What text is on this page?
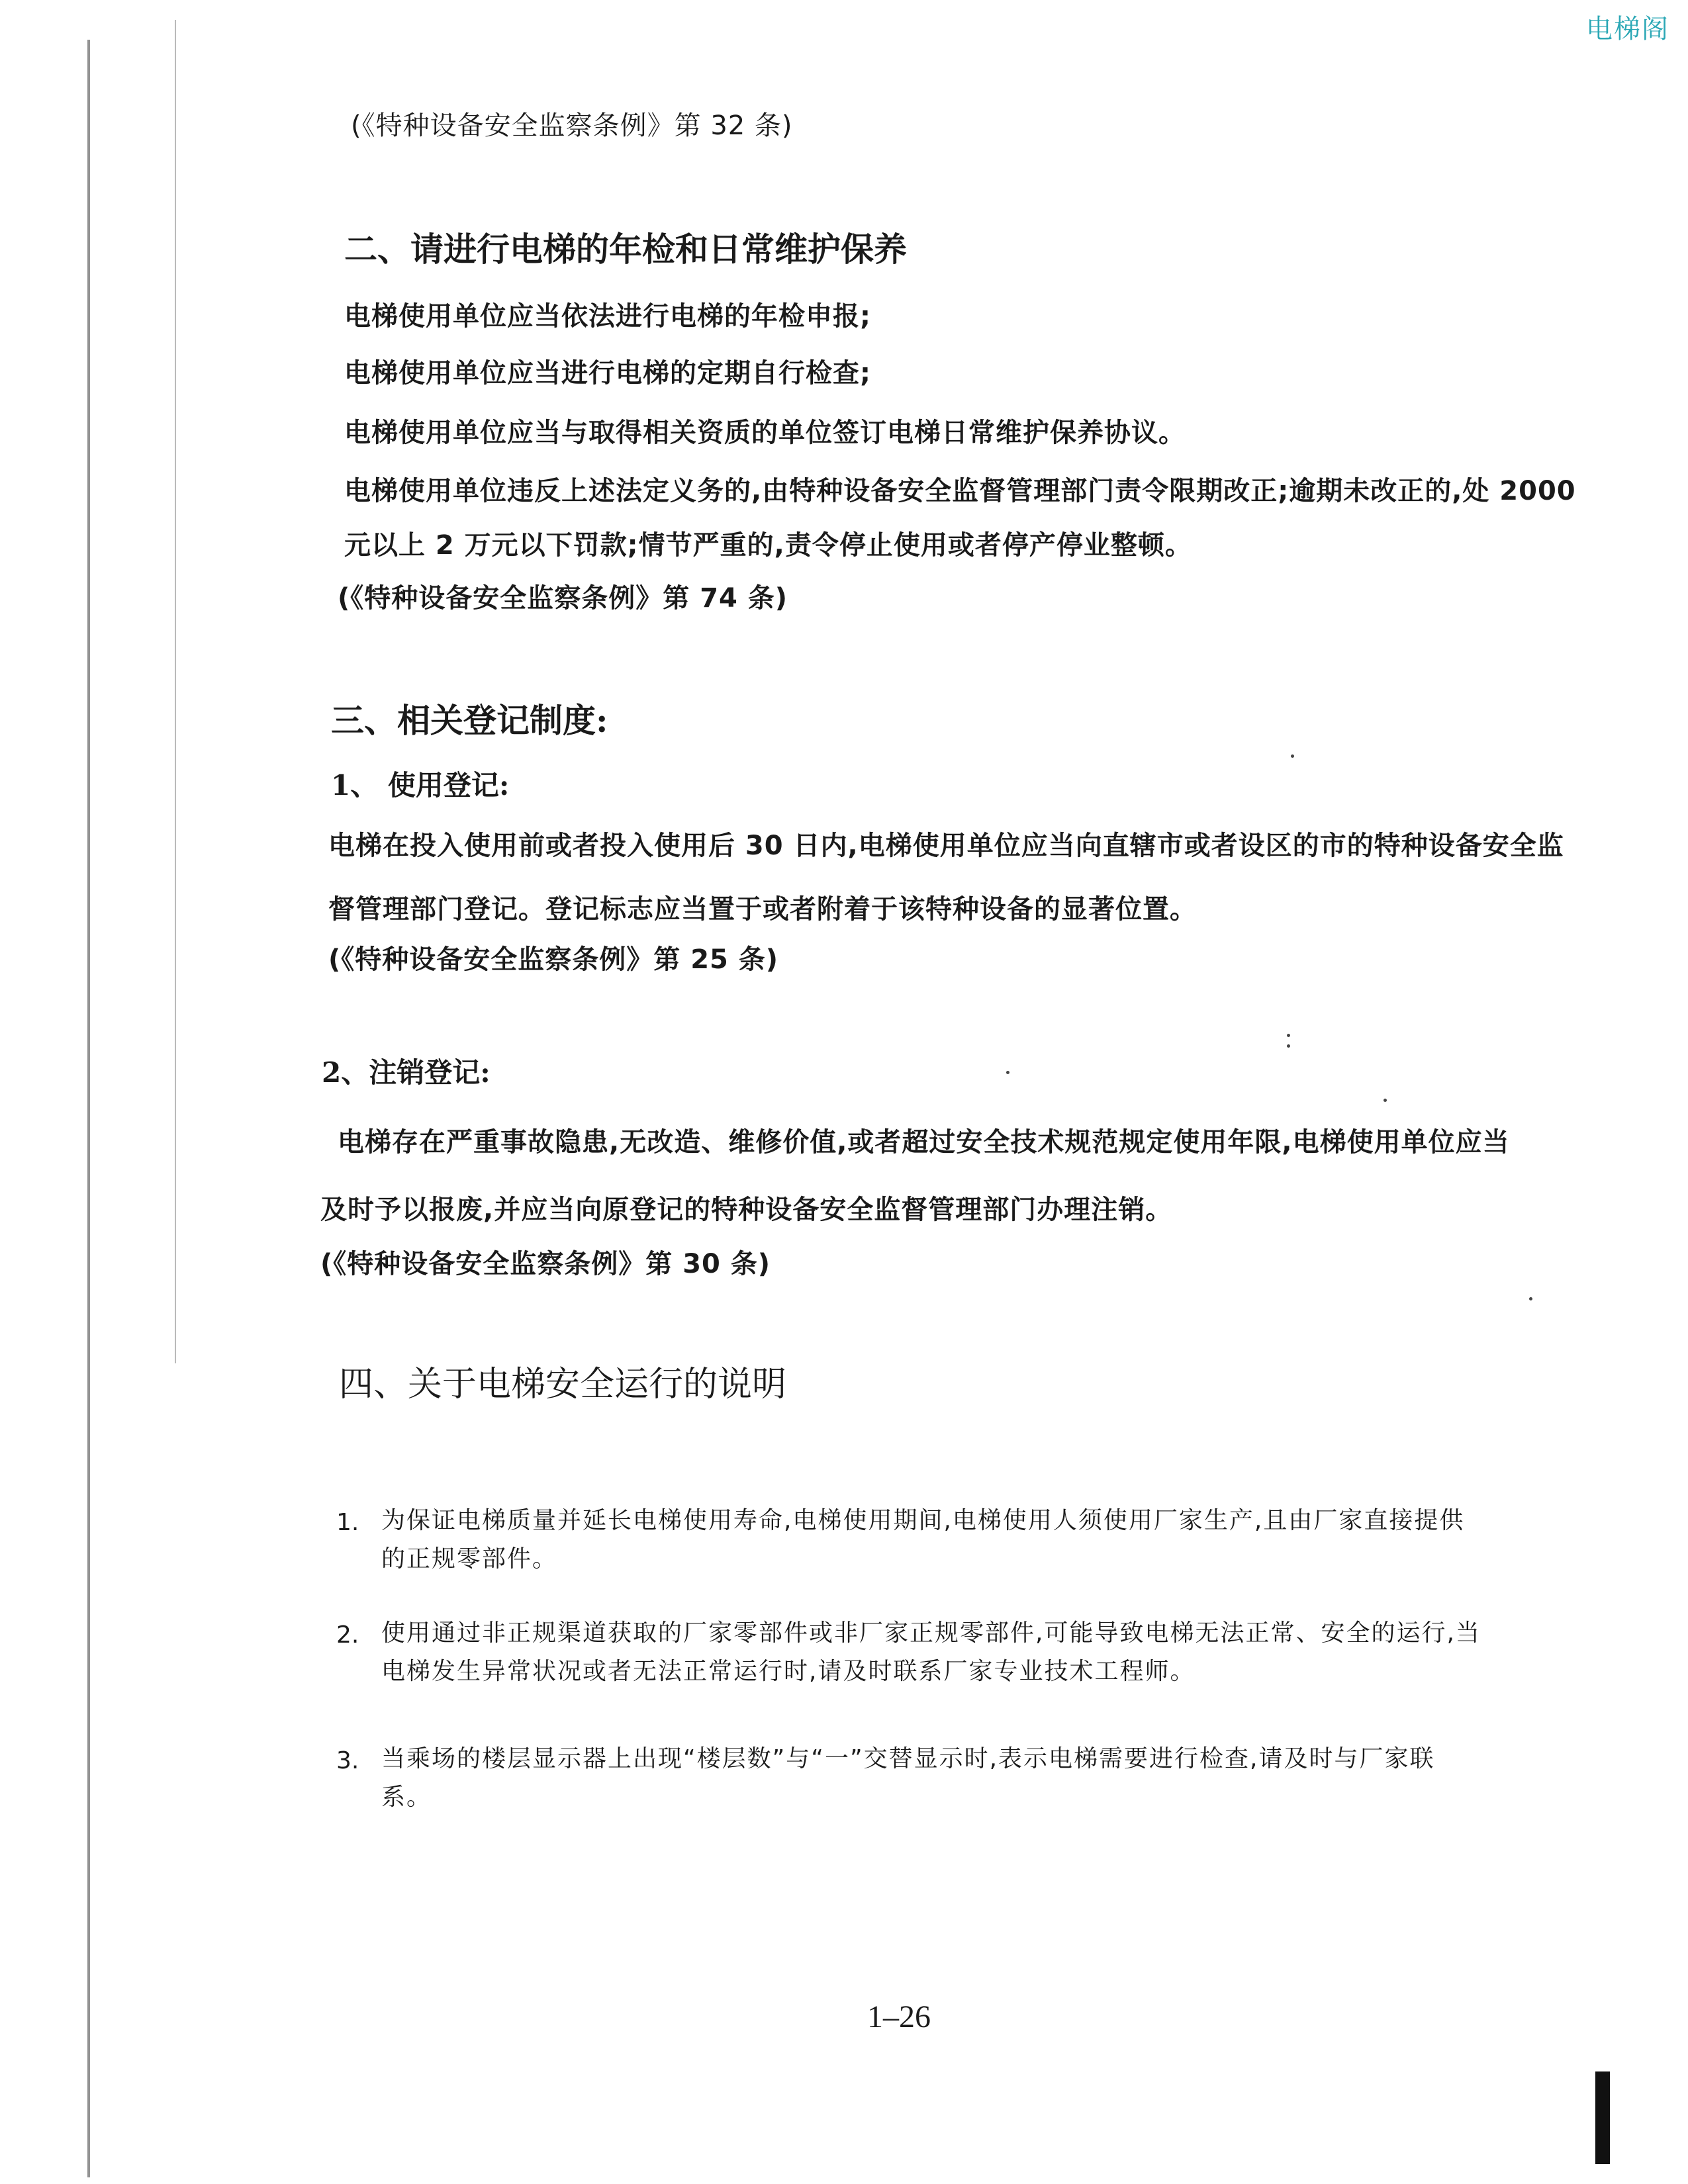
电梯阁
(《特种设备安全监察条例》第 32 条)
二、请进行电梯的年检和日常维护保养
电梯使用单位应当依法进行电梯的年检申报;
电梯使用单位应当进行电梯的定期自行检查;
电梯使用单位应当与取得相关资质的单位签订电梯日常维护保养协议。
电梯使用单位违反上述法定义务的,由特种设备安全监督管理部门责令限期改正;逾期未改正的,处 2000
元以上 2 万元以下罚款;情节严重的,责令停止使用或者停产停业整顿。
(《特种设备安全监察条例》第 74 条)
三、相关登记制度:
1、 使用登记:
电梯在投入使用前或者投入使用后 30 日内,电梯使用单位应当向直辖市或者设区的市的特种设备安全监
督管理部门登记。登记标志应当置于或者附着于该特种设备的显著位置。
(《特种设备安全监察条例》第 25 条)
2、注销登记:
电梯存在严重事故隐患,无改造、维修价值,或者超过安全技术规范规定使用年限,电梯使用单位应当
及时予以报废,并应当向原登记的特种设备安全监督管理部门办理注销。
(《特种设备安全监察条例》第 30 条)
四、关于电梯安全运行的说明
1. 为保证电梯质量并延长电梯使用寿命,电梯使用期间,电梯使用人须使用厂家生产,且由厂家直接提供
的正规零部件。
2. 使用通过非正规渠道获取的厂家零部件或非厂家正规零部件,可能导致电梯无法正常、安全的运行,当
电梯发生异常状况或者无法正常运行时,请及时联系厂家专业技术工程师。
3. 当乘场的楼层显示器上出现“楼层数”与“一”交替显示时,表示电梯需要进行检查,请及时与厂家联
系。
1–26
